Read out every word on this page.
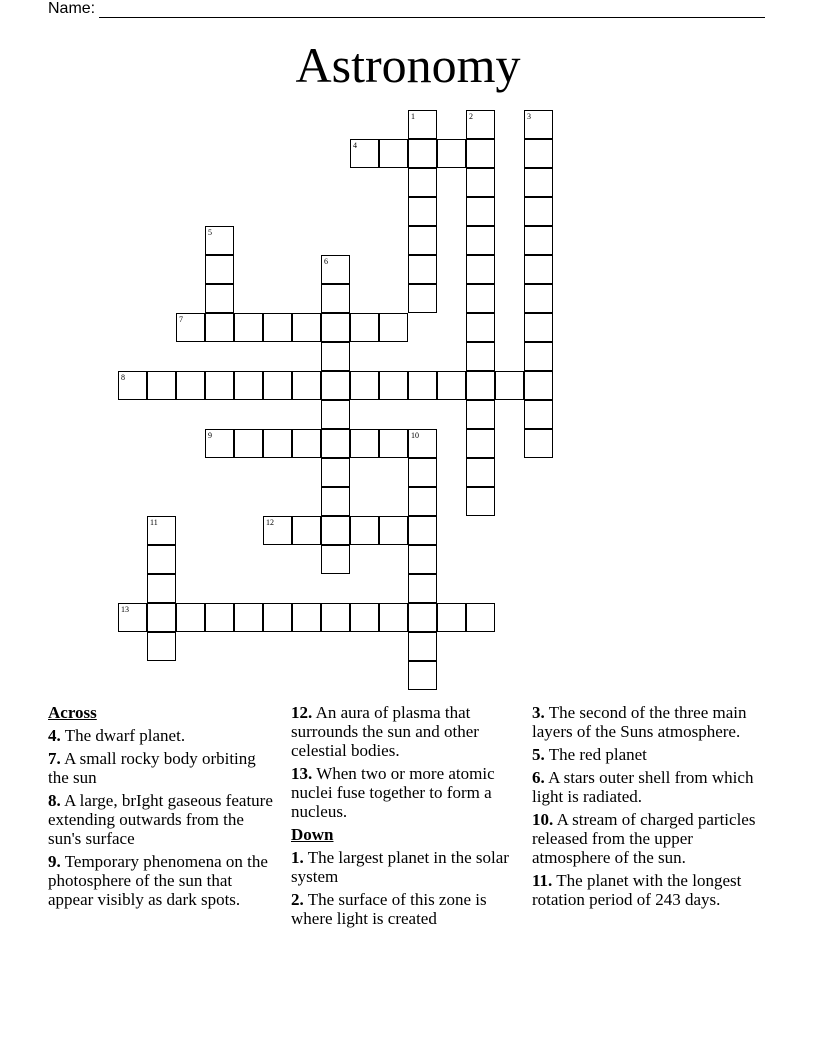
Name:
Astronomy
1	2	3
4
5
6
7
8
9	10
11	12
13
Across

4. The dwarf planet.

7. A small rocky body orbiting the sun

8. A large, brIght gaseous feature extending outwards from the sun's surface

9. Temporary phenomena on the photosphere of the sun that appear visibly as dark spots.

12. An aura of plasma that surrounds the sun and other celestial bodies.

13. When two or more atomic nuclei fuse together to form a nucleus.

Down

1. The largest planet in the solar system

2. The surface of this zone is where light is created

3. The second of the three main layers of the Suns atmosphere.

5. The red planet

6. A stars outer shell from which light is radiated.

10. A stream of charged particles released from the upper atmosphere of the sun.

11. The planet with the longest rotation period of 243 days.
